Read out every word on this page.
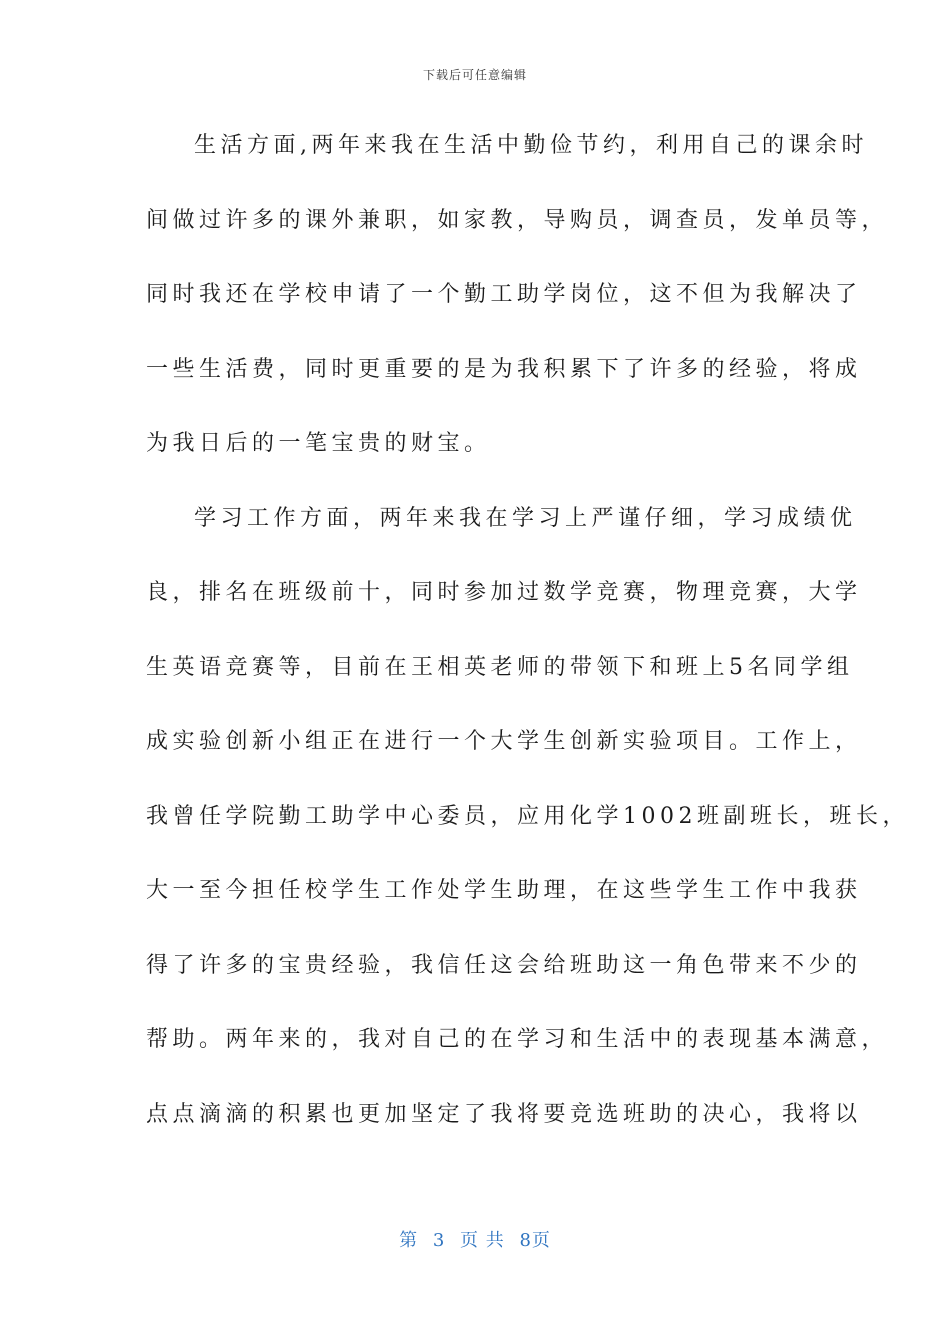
下载后可任意编辑
生活方面,两年来我在生活中勤俭节约，利用自己的课余时
间做过许多的课外兼职，如家教，导购员，调查员，发单员等，
同时我还在学校申请了一个勤工助学岗位，这不但为我解决了
一些生活费，同时更重要的是为我积累下了许多的经验，将成
为我日后的一笔宝贵的财宝。
学习工作方面，两年来我在学习上严谨仔细，学习成绩优
良，排名在班级前十，同时参加过数学竞赛，物理竞赛，大学
生英语竞赛等，目前在王相英老师的带领下和班上5名同学组
成实验创新小组正在进行一个大学生创新实验项目。工作上，
我曾任学院勤工助学中心委员，应用化学1002班副班长，班长，
大一至今担任校学生工作处学生助理，在这些学生工作中我获
得了许多的宝贵经验，我信任这会给班助这一角色带来不少的
帮助。两年来的，我对自己的在学习和生活中的表现基本满意，
点点滴滴的积累也更加坚定了我将要竞选班助的决心，我将以
第 3 页 共 8页
